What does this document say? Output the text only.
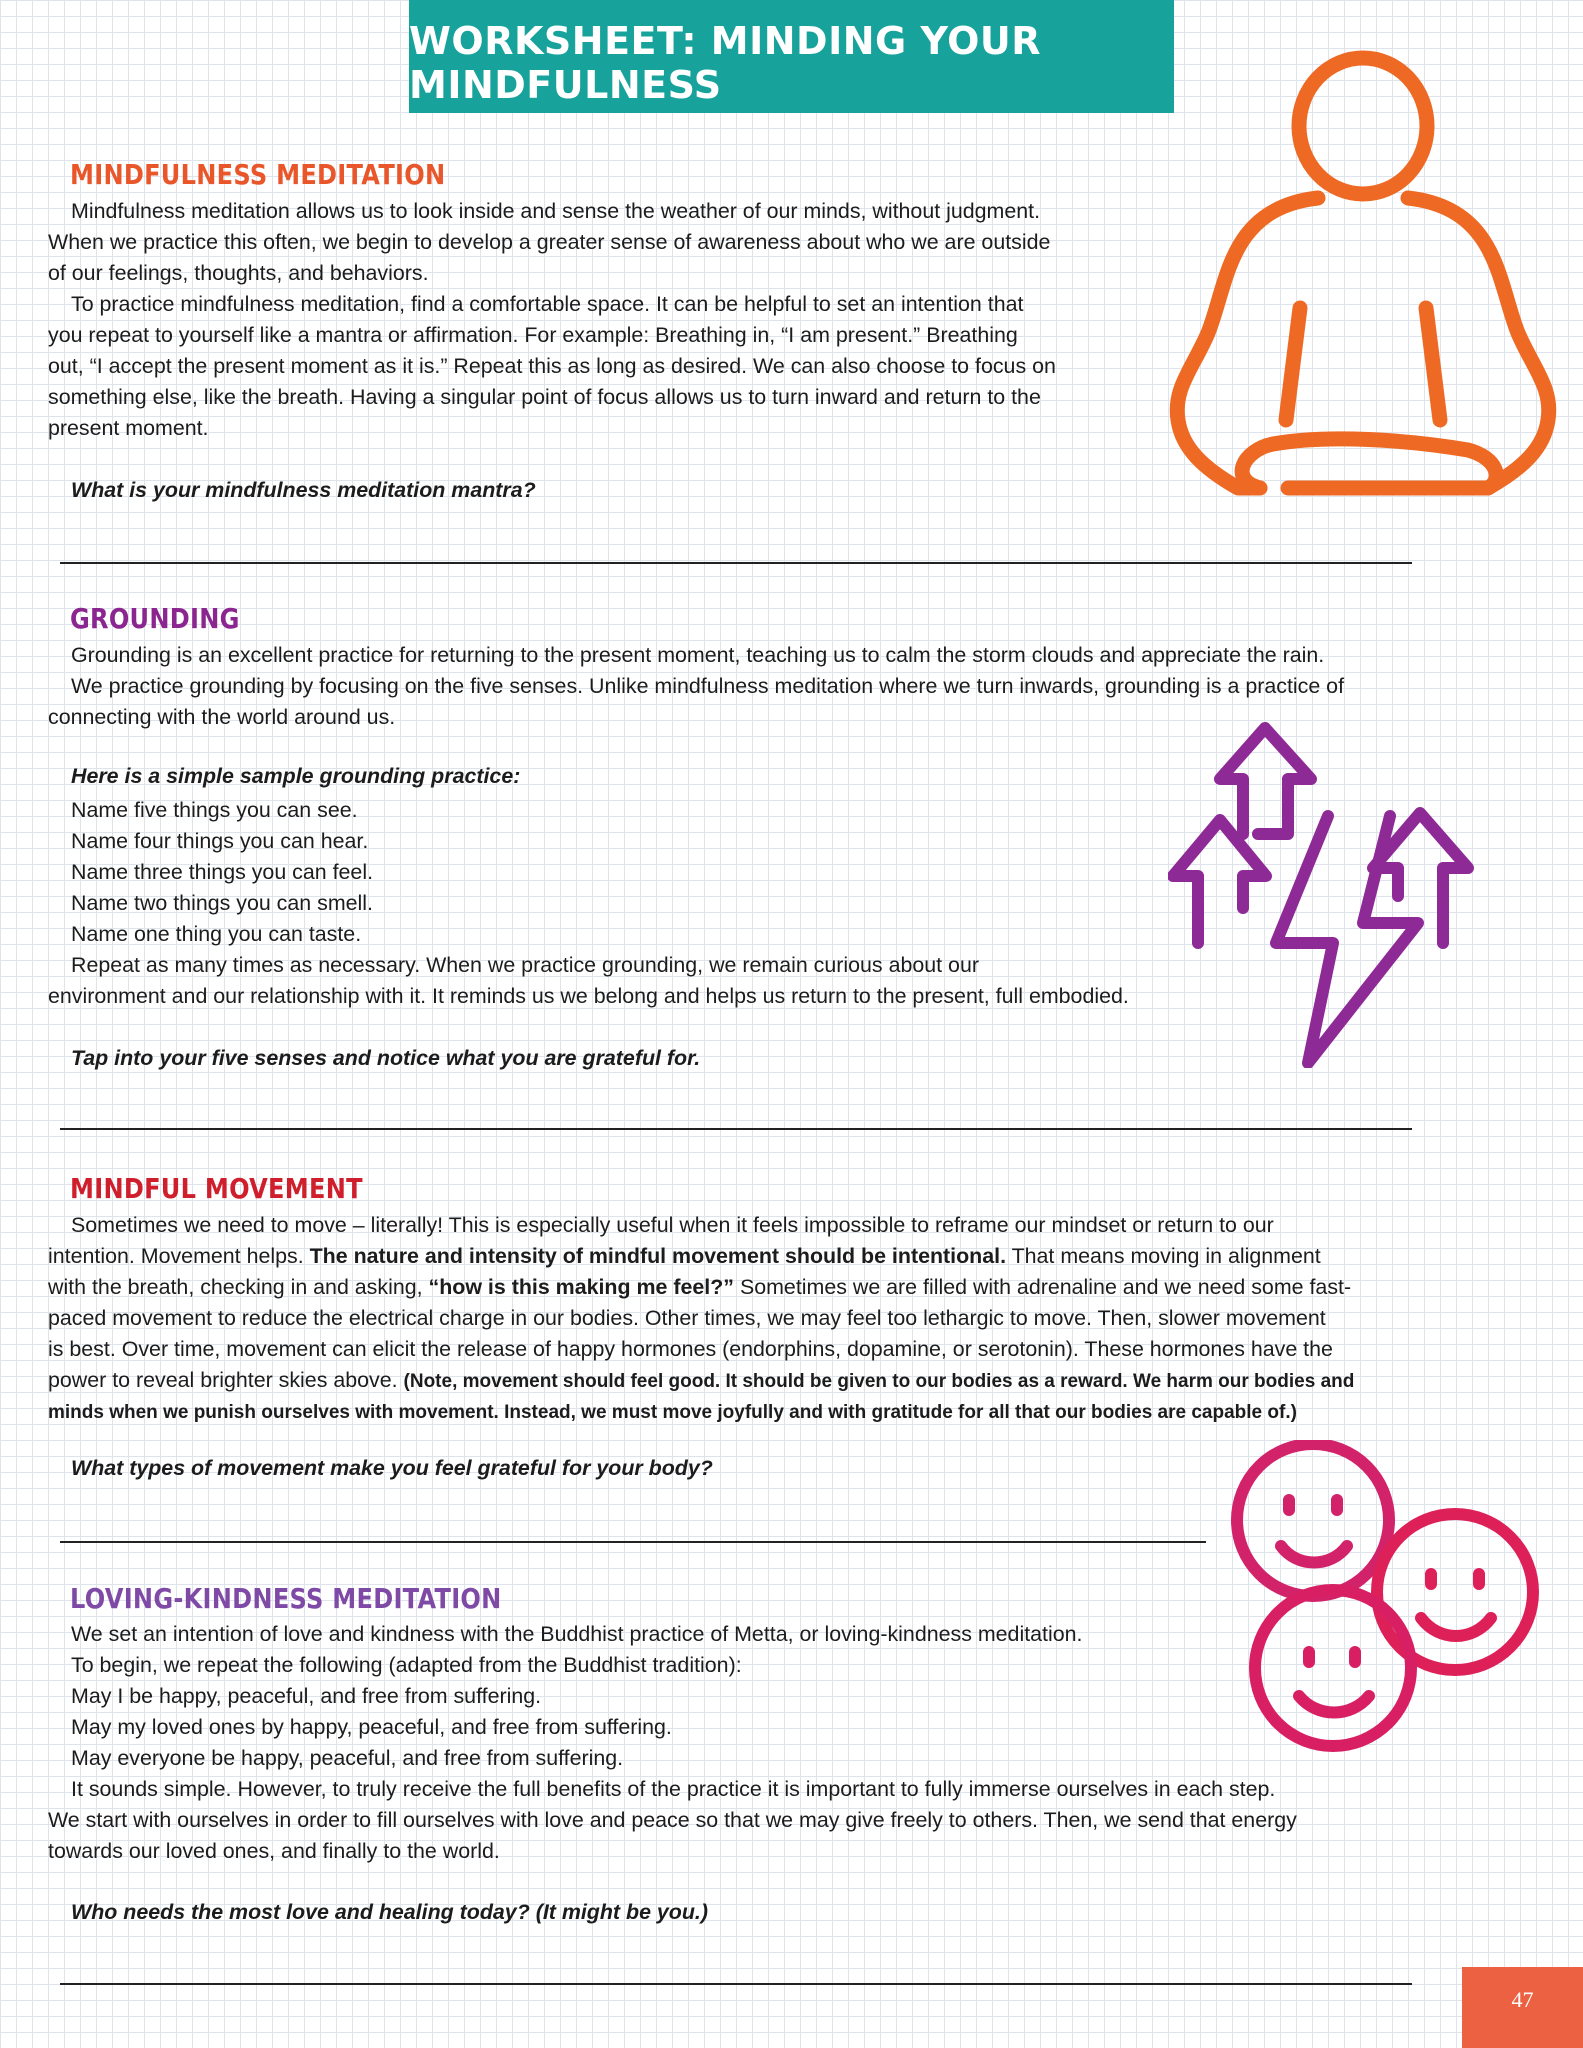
WORKSHEET: MINDING YOUR MINDFULNESS
MINDFULNESS MEDITATION

Mindfulness meditation allows us to look inside and sense the weather of our minds, without judgment.

When we practice this often, we begin to develop a greater sense of awareness about who we are outside

of our feelings, thoughts, and behaviors.

To practice mindfulness meditation, find a comfortable space. It can be helpful to set an intention that

you repeat to yourself like a mantra or affirmation. For example: Breathing in, “I am present.” Breathing

out, “I accept the present moment as it is.” Repeat this as long as desired. We can also choose to focus on

something else, like the breath. Having a singular point of focus allows us to turn inward and return to the

present moment.

What is your mindfulness meditation mantra?

GROUNDING

Grounding is an excellent practice for returning to the present moment, teaching us to calm the storm clouds and appreciate the rain.

We practice grounding by focusing on the five senses. Unlike mindfulness meditation where we turn inwards, grounding is a practice of

connecting with the world around us.

Here is a simple sample grounding practice:

Name five things you can see.

Name four things you can hear.

Name three things you can feel.

Name two things you can smell.

Name one thing you can taste.

Repeat as many times as necessary. When we practice grounding, we remain curious about our

environment and our relationship with it. It reminds us we belong and helps us return to the present, full embodied.

Tap into your five senses and notice what you are grateful for.

MINDFUL MOVEMENT

Sometimes we need to move – literally! This is especially useful when it feels impossible to reframe our mindset or return to our

intention. Movement helps. The nature and intensity of mindful movement should be intentional. That means moving in alignment

with the breath, checking in and asking, “how is this making me feel?” Sometimes we are filled with adrenaline and we need some fast-

paced movement to reduce the electrical charge in our bodies. Other times, we may feel too lethargic to move. Then, slower movement

is best. Over time, movement can elicit the release of happy hormones (endorphins, dopamine, or serotonin). These hormones have the

power to reveal brighter skies above. (Note, movement should feel good. It should be given to our bodies as a reward. We harm our bodies and

minds when we punish ourselves with movement. Instead, we must move joyfully and with gratitude for all that our bodies are capable of.)

What types of movement make you feel grateful for your body?

LOVING-KINDNESS MEDITATION

We set an intention of love and kindness with the Buddhist practice of Metta, or loving-kindness meditation.

To begin, we repeat the following (adapted from the Buddhist tradition):

May I be happy, peaceful, and free from suffering.

May my loved ones by happy, peaceful, and free from suffering.

May everyone be happy, peaceful, and free from suffering.

It sounds simple. However, to truly receive the full benefits of the practice it is important to fully immerse ourselves in each step.

We start with ourselves in order to fill ourselves with love and peace so that we may give freely to others. Then, we send that energy

towards our loved ones, and finally to the world.

Who needs the most love and healing today? (It might be you.)

47
